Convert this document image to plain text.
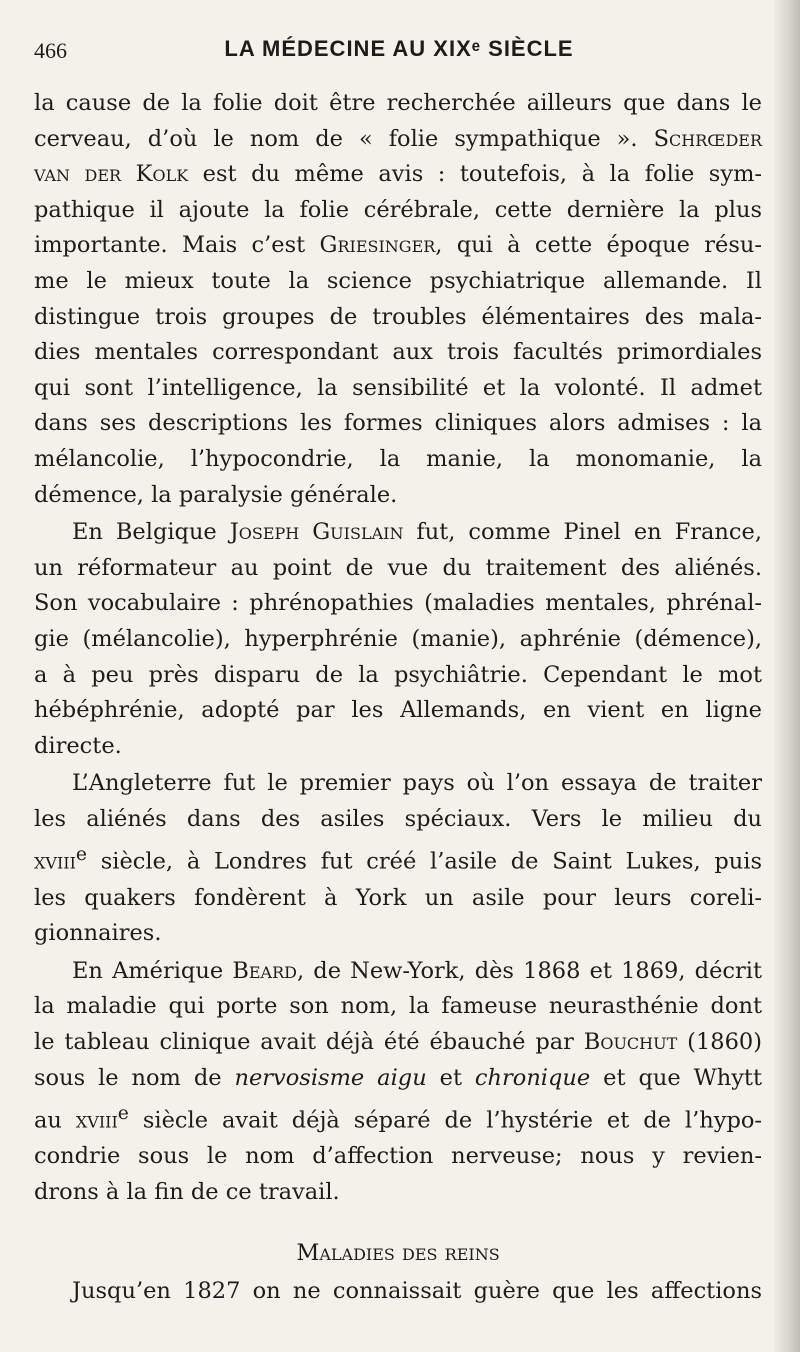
466	LA MÉDECINE AU XIXᵉ SIÈCLE
la cause de la folie doit être recherchée ailleurs que dans le
cerveau, d’où le nom de « folie sympathique ». Schrœder
van der Kolk est du même avis : toutefois, à la folie sym-
pathique il ajoute la folie cérébrale, cette dernière la plus
importante. Mais c’est Griesinger, qui à cette époque résu-
me le mieux toute la science psychiatrique allemande. Il
distingue trois groupes de troubles élémentaires des mala-
dies mentales correspondant aux trois facultés primordiales
qui sont l’intelligence, la sensibilité et la volonté. Il admet
dans ses descriptions les formes cliniques alors admises : la
mélancolie, l’hypocondrie, la manie, la monomanie, la
démence, la paralysie générale.
En Belgique Joseph Guislain fut, comme Pinel en France,
un réformateur au point de vue du traitement des aliénés.
Son vocabulaire : phrénopathies (maladies mentales, phrénal-
gie (mélancolie), hyperphrénie (manie), aphrénie (démence),
a à peu près disparu de la psychiâtrie. Cependant le mot
hébéphrénie, adopté par les Allemands, en vient en ligne
directe.
L’Angleterre fut le premier pays où l’on essaya de traiter
les aliénés dans des asiles spéciaux. Vers le milieu du
xviii$^e$ siècle, à Londres fut créé l’asile de Saint Lukes, puis
les quakers fondèrent à York un asile pour leurs coreli-
gionnaires.
En Amérique Beard, de New-York, dès 1868 et 1869, décrit
la maladie qui porte son nom, la fameuse neurasthénie dont
le tableau clinique avait déjà été ébauché par Bouchut (1860)
sous le nom de nervosisme aigu et chronique et que Whytt
au xviii$^e$ siècle avait déjà séparé de l’hystérie et de l’hypo-
condrie sous le nom d’affection nerveuse; nous y revien-
drons à la fin de ce travail.
Maladies des reins
Jusqu’en 1827 on ne connaissait guère que les affections
